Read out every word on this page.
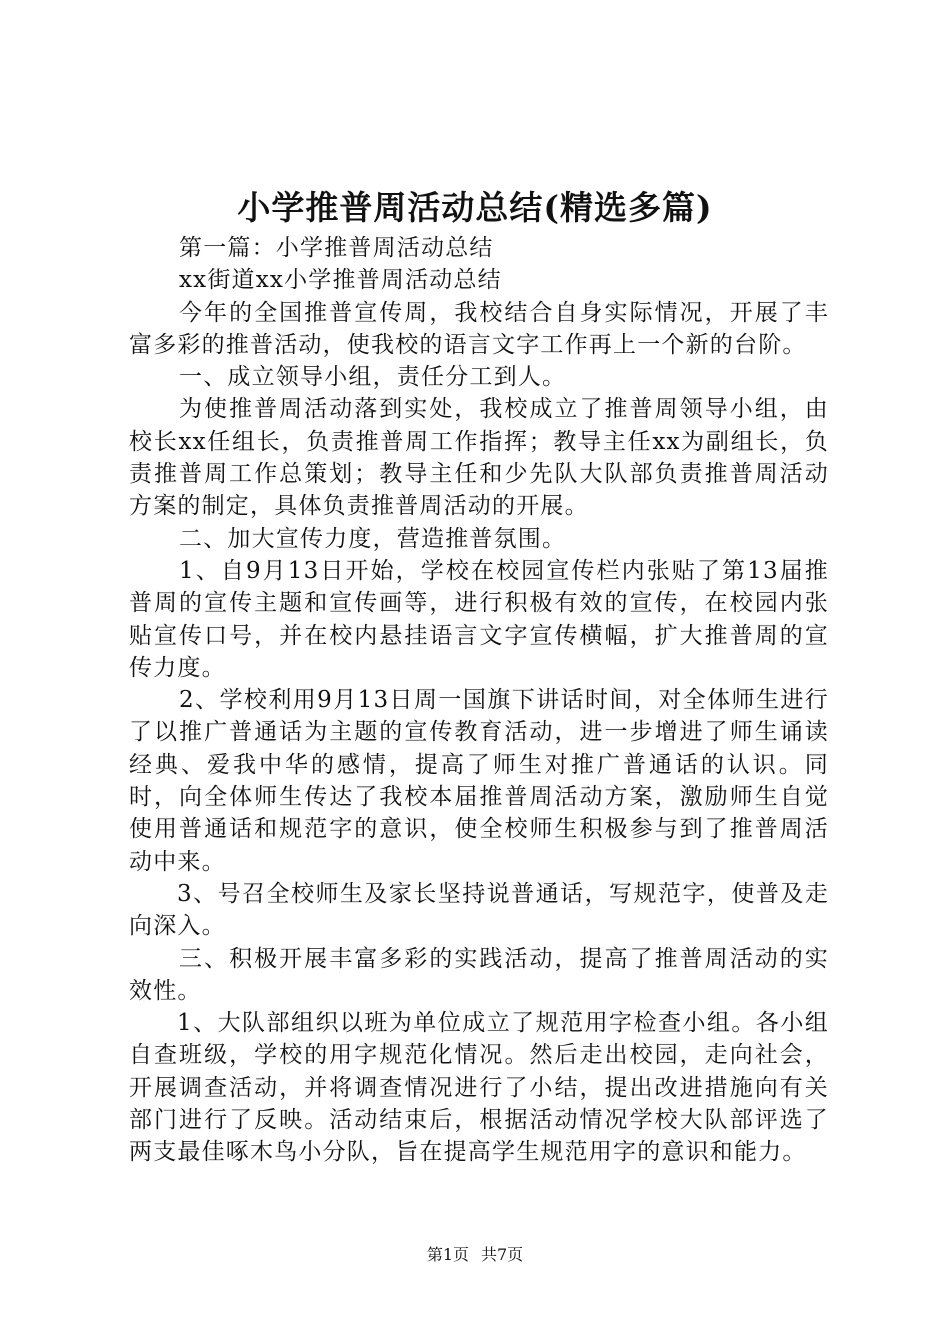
小学推普周活动总结(精选多篇)

第一篇：小学推普周活动总结

xx街道xx小学推普周活动总结

今年的全国推普宣传周，我校结合自身实际情况，开展了丰富多彩的推普活动，使我校的语言文字工作再上一个新的台阶。

一、成立领导小组，责任分工到人。

为使推普周活动落到实处，我校成立了推普周领导小组，由校长xx任组长，负责推普周工作指挥；教导主任xx为副组长，负责推普周工作总策划；教导主任和少先队大队部负责推普周活动方案的制定，具体负责推普周活动的开展。

二、加大宣传力度，营造推普氛围。

1、自9月13日开始，学校在校园宣传栏内张贴了第13届推普周的宣传主题和宣传画等，进行积极有效的宣传，在校园内张贴宣传口号，并在校内悬挂语言文字宣传横幅，扩大推普周的宣传力度。

2、学校利用9月13日周一国旗下讲话时间，对全体师生进行了以推广普通话为主题的宣传教育活动，进一步增进了师生诵读经典、爱我中华的感情，提高了师生对推广普通话的认识。同时，向全体师生传达了我校本届推普周活动方案，激励师生自觉使用普通话和规范字的意识，使全校师生积极参与到了推普周活动中来。

3、号召全校师生及家长坚持说普通话，写规范字，使普及走向深入。

三、积极开展丰富多彩的实践活动，提高了推普周活动的实效性。

1、大队部组织以班为单位成立了规范用字检查小组。各小组自查班级，学校的用字规范化情况。然后走出校园，走向社会，开展调查活动，并将调查情况进行了小结，提出改进措施向有关部门进行了反映。活动结束后，根据活动情况学校大队部评选了两支最佳啄木鸟小分队，旨在提高学生规范用字的意识和能力。

第1页 共7页
